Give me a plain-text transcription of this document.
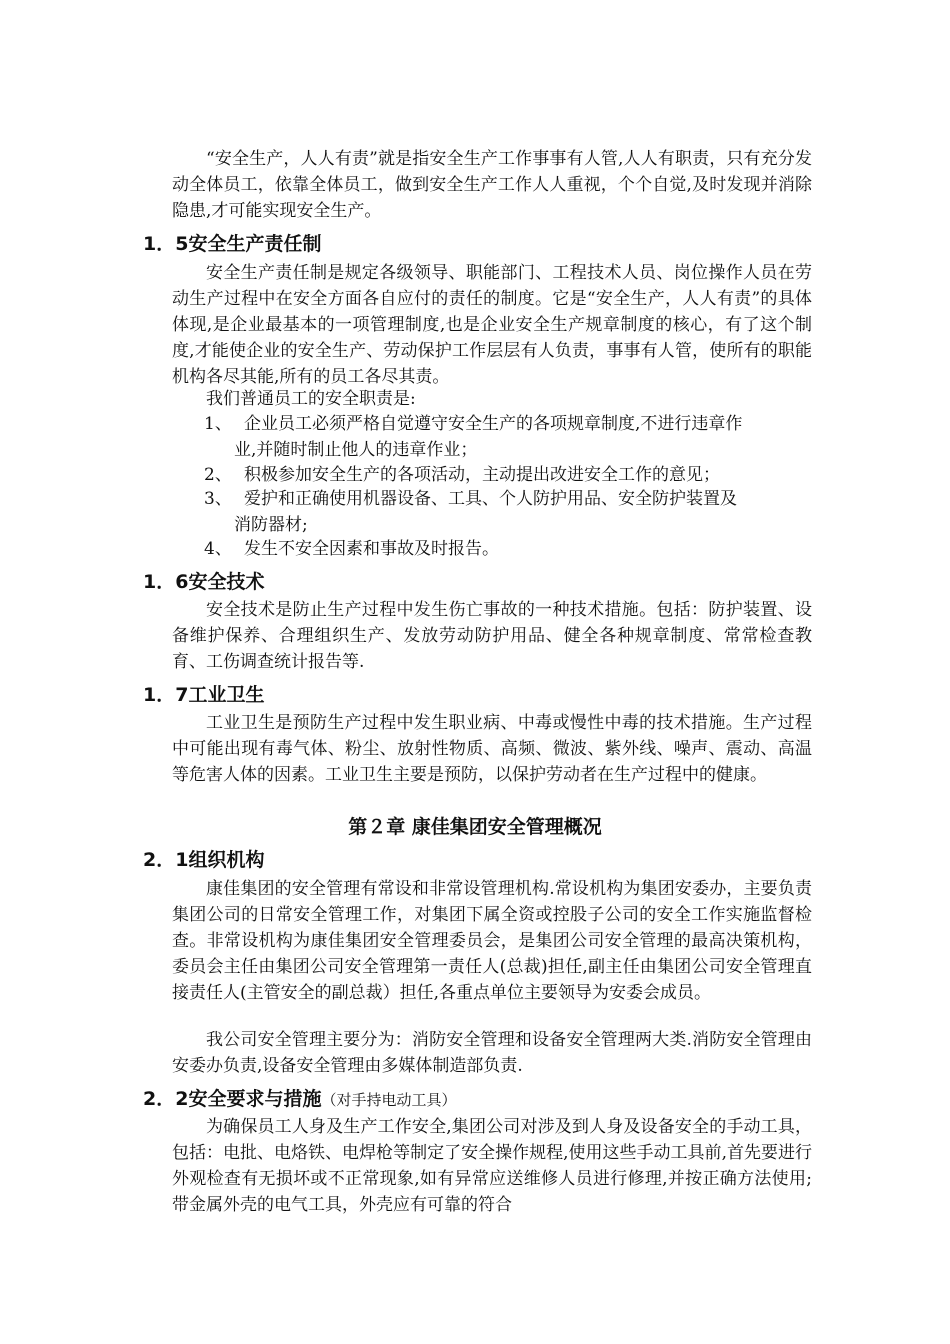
“安全生产，人人有责”就是指安全生产工作事事有人管,人人有职责，只有充分发动全体员工，依靠全体员工，做到安全生产工作人人重视，个个自觉,及时发现并消除隐患,才可能实现安全生产。

1．5安全生产责任制

安全生产责任制是规定各级领导、职能部门、工程技术人员、岗位操作人员在劳动生产过程中在安全方面各自应付的责任的制度。它是“安全生产，人人有责”的具体体现,是企业最基本的一项管理制度,也是企业安全生产规章制度的核心，有了这个制度,才能使企业的安全生产、劳动保护工作层层有人负责，事事有人管，使所有的职能机构各尽其能,所有的员工各尽其责。

我们普通员工的安全职责是:

1、 企业员工必须严格自觉遵守安全生产的各项规章制度,不进行违章作
业,并随时制止他人的违章作业；
2、 积极参加安全生产的各项活动，主动提出改进安全工作的意见；
3、 爱护和正确使用机器设备、工具、个人防护用品、安全防护装置及
消防器材;
4、 发生不安全因素和事故及时报告。
1．6安全技术

安全技术是防止生产过程中发生伤亡事故的一种技术措施。包括：防护装置、设备维护保养、合理组织生产、发放劳动防护用品、健全各种规章制度、常常检查教育、工伤调查统计报告等.

1．7工业卫生

工业卫生是预防生产过程中发生职业病、中毒或慢性中毒的技术措施。生产过程中可能出现有毒气体、粉尘、放射性物质、高频、微波、紫外线、噪声、震动、高温等危害人体的因素。工业卫生主要是预防，以保护劳动者在生产过程中的健康。

第２章 康佳集团安全管理概况
2．1组织机构

康佳集团的安全管理有常设和非常设管理机构.常设机构为集团安委办，主要负责集团公司的日常安全管理工作，对集团下属全资或控股子公司的安全工作实施监督检查。非常设机构为康佳集团安全管理委员会，是集团公司安全管理的最高决策机构，委员会主任由集团公司安全管理第一责任人(总裁)担任,副主任由集团公司安全管理直接责任人(主管安全的副总裁）担任,各重点单位主要领导为安委会成员。

我公司安全管理主要分为：消防安全管理和设备安全管理两大类.消防安全管理由安委办负责,设备安全管理由多媒体制造部负责.

2．2安全要求与措施（对手持电动工具）

为确保员工人身及生产工作安全,集团公司对涉及到人身及设备安全的手动工具，包括：电批、电烙铁、电焊枪等制定了安全操作规程,使用这些手动工具前,首先要进行外观检查有无损坏或不正常现象,如有异常应送维修人员进行修理,并按正确方法使用;带金属外壳的电气工具，外壳应有可靠的符合
